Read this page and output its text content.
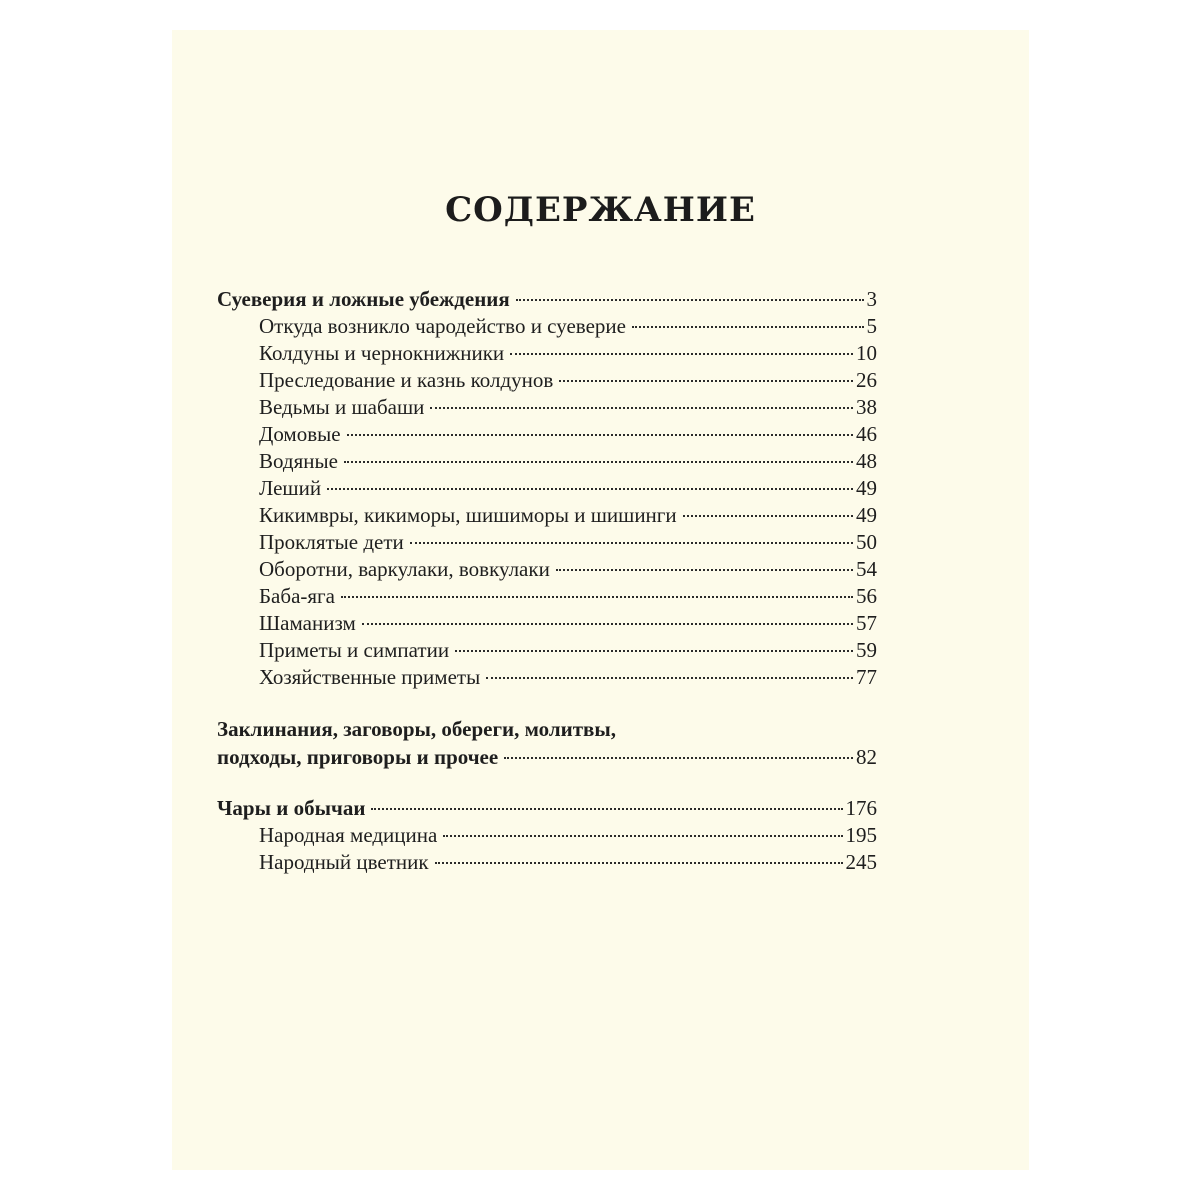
СОДЕРЖАНИЕ
Суеверия и ложные убеждения	3
Откуда возникло чародейство и суеверие	5
Колдуны и чернокнижники	10
Преследование и казнь колдунов	26
Ведьмы и шабаши	38
Домовые	46
Водяные	48
Леший	49
Кикимвры, кикиморы, шишиморы и шишинги	49
Проклятые дети	50
Оборотни, варкулаки, вовкулаки	54
Баба-яга	56
Шаманизм	57
Приметы и симпатии	59
Хозяйственные приметы	77
Заклинания, заговоры, обереги, молитвы,
подходы, приговоры и прочее	82
Чары и обычаи	176
Народная медицина	195
Народный цветник	245
